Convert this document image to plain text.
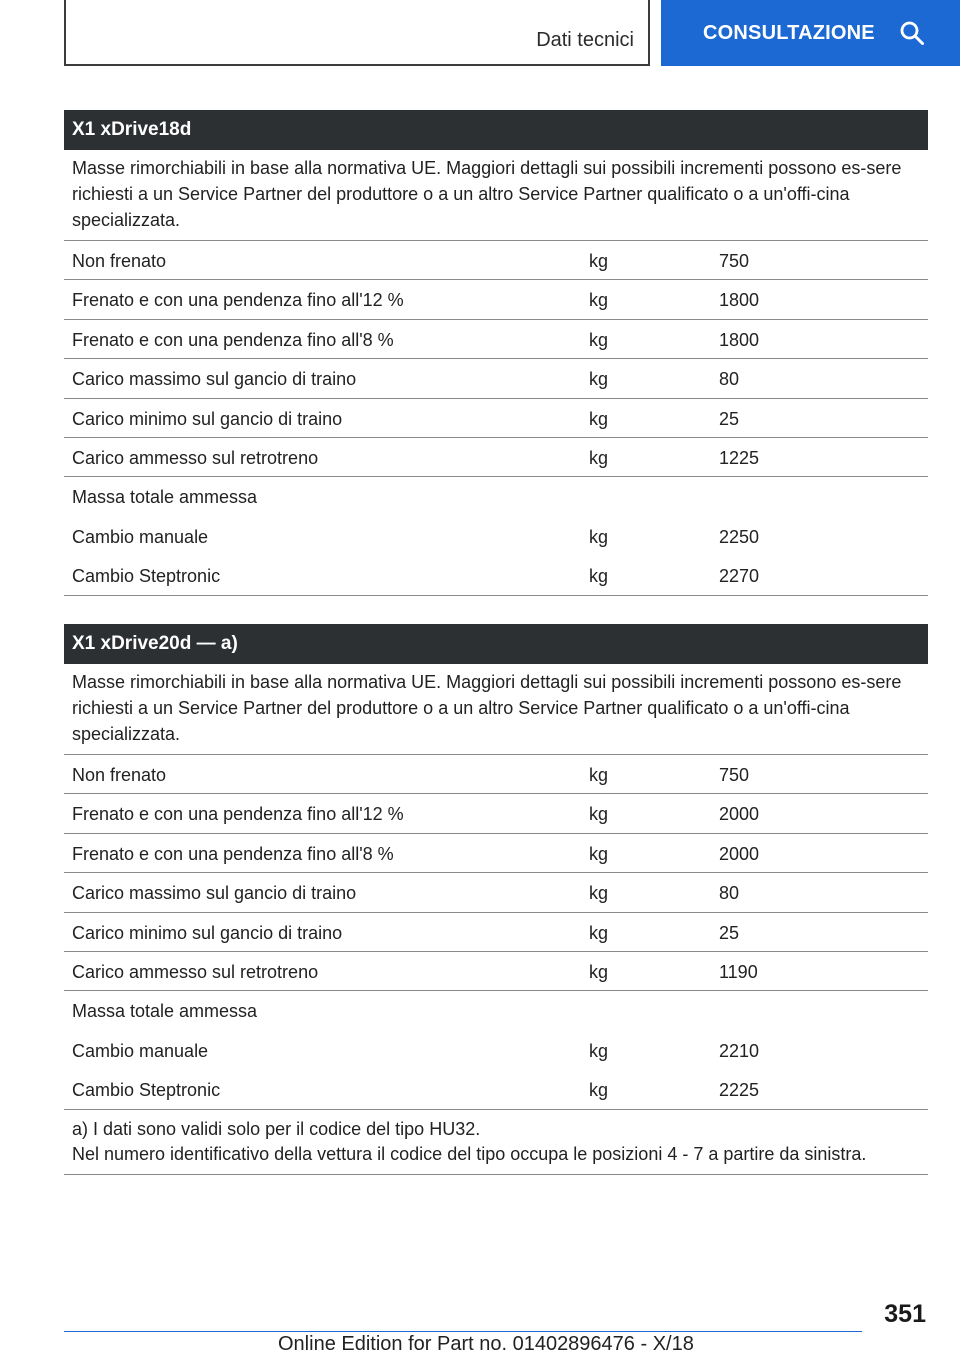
Dati tecnici	CONSULTAZIONE
X1 xDrive18d
Masse rimorchiabili in base alla normativa UE. Maggiori dettagli sui possibili incrementi possono es-sere richiesti a un Service Partner del produttore o a un altro Service Partner qualificato o a un'offi-cina specializzata.
Non frenato	kg	750
Frenato e con una pendenza fino all'12 %	kg	1800
Frenato e con una pendenza fino all'8 %	kg	1800
Carico massimo sul gancio di traino	kg	80
Carico minimo sul gancio di traino	kg	25
Carico ammesso sul retrotreno	kg	1225
Massa totale ammessa
Cambio manuale	kg	2250
Cambio Steptronic	kg	2270
X1 xDrive20d — a)
Masse rimorchiabili in base alla normativa UE. Maggiori dettagli sui possibili incrementi possono es-sere richiesti a un Service Partner del produttore o a un altro Service Partner qualificato o a un'offi-cina specializzata.
Non frenato	kg	750
Frenato e con una pendenza fino all'12 %	kg	2000
Frenato e con una pendenza fino all'8 %	kg	2000
Carico massimo sul gancio di traino	kg	80
Carico minimo sul gancio di traino	kg	25
Carico ammesso sul retrotreno	kg	1190
Massa totale ammessa
Cambio manuale	kg	2210
Cambio Steptronic	kg	2225
a) I dati sono validi solo per il codice del tipo HU32.
Nel numero identificativo della vettura il codice del tipo occupa le posizioni 4 - 7 a partire da sinistra.
351
Online Edition for Part no. 01402896476 - X/18
